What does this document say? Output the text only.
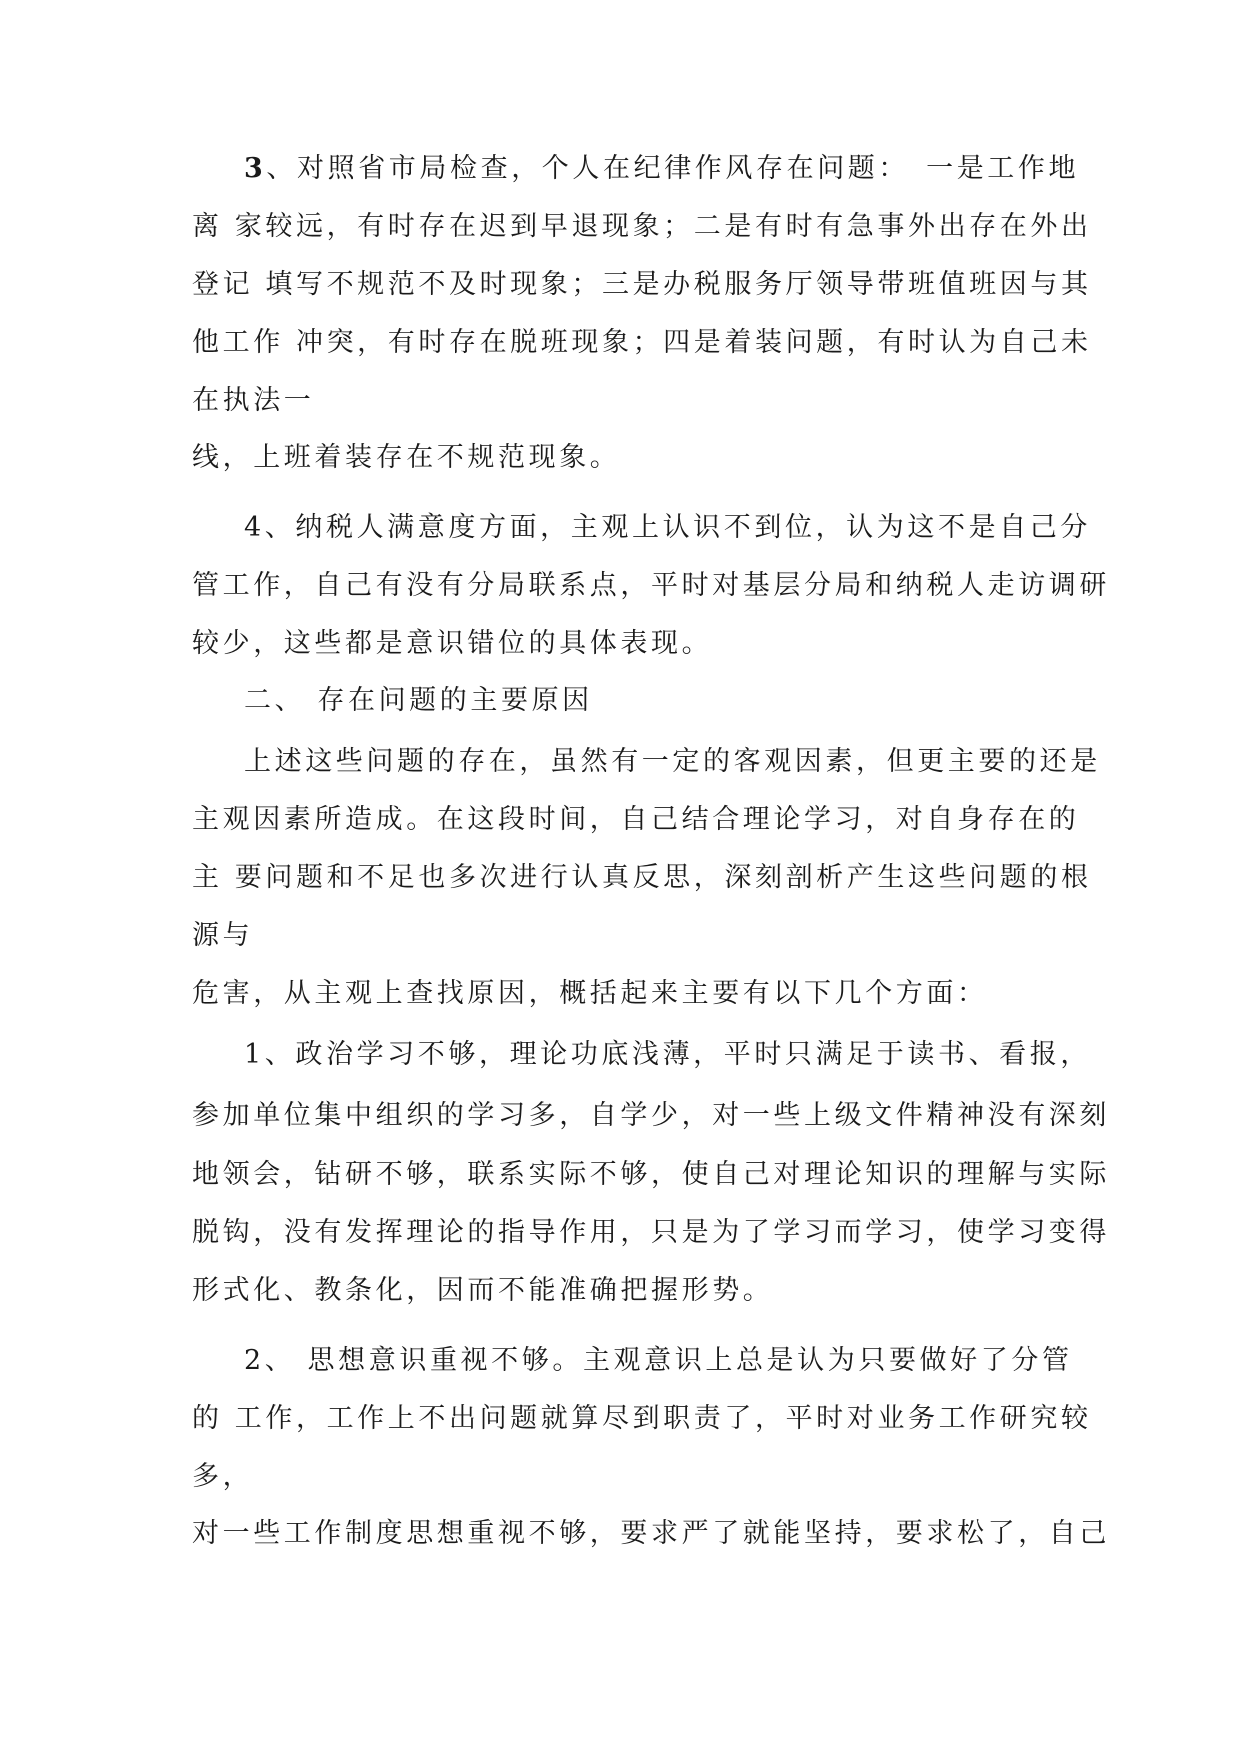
3、对照省市局检查，个人在纪律作风存在问题：　一是工作地
离 家较远，有时存在迟到早退现象；二是有时有急事外出存在外出
登记 填写不规范不及时现象；三是办税服务厅领导带班值班因与其
他工作 冲突，有时存在脱班现象；四是着装问题，有时认为自己未
在执法一
线，上班着装存在不规范现象。
4、纳税人满意度方面，主观上认识不到位，认为这不是自己分
管工作，自己有没有分局联系点，平时对基层分局和纳税人走访调研
较少，这些都是意识错位的具体表现。
二、 存在问题的主要原因
上述这些问题的存在，虽然有一定的客观因素，但更主要的还是
主观因素所造成。在这段时间，自己结合理论学习，对自身存在的
主 要问题和不足也多次进行认真反思，深刻剖析产生这些问题的根
源与
危害，从主观上查找原因，概括起来主要有以下几个方面：
1、政治学习不够，理论功底浅薄，平时只满足于读书、看报，
参加单位集中组织的学习多，自学少，对一些上级文件精神没有深刻
地领会，钻研不够，联系实际不够，使自己对理论知识的理解与实际
脱钩，没有发挥理论的指导作用，只是为了学习而学习，使学习变得
形式化、教条化，因而不能准确把握形势。
2、 思想意识重视不够。主观意识上总是认为只要做好了分管
的 工作，工作上不出问题就算尽到职责了，平时对业务工作研究较
多，
对一些工作制度思想重视不够，要求严了就能坚持，要求松了，自己
